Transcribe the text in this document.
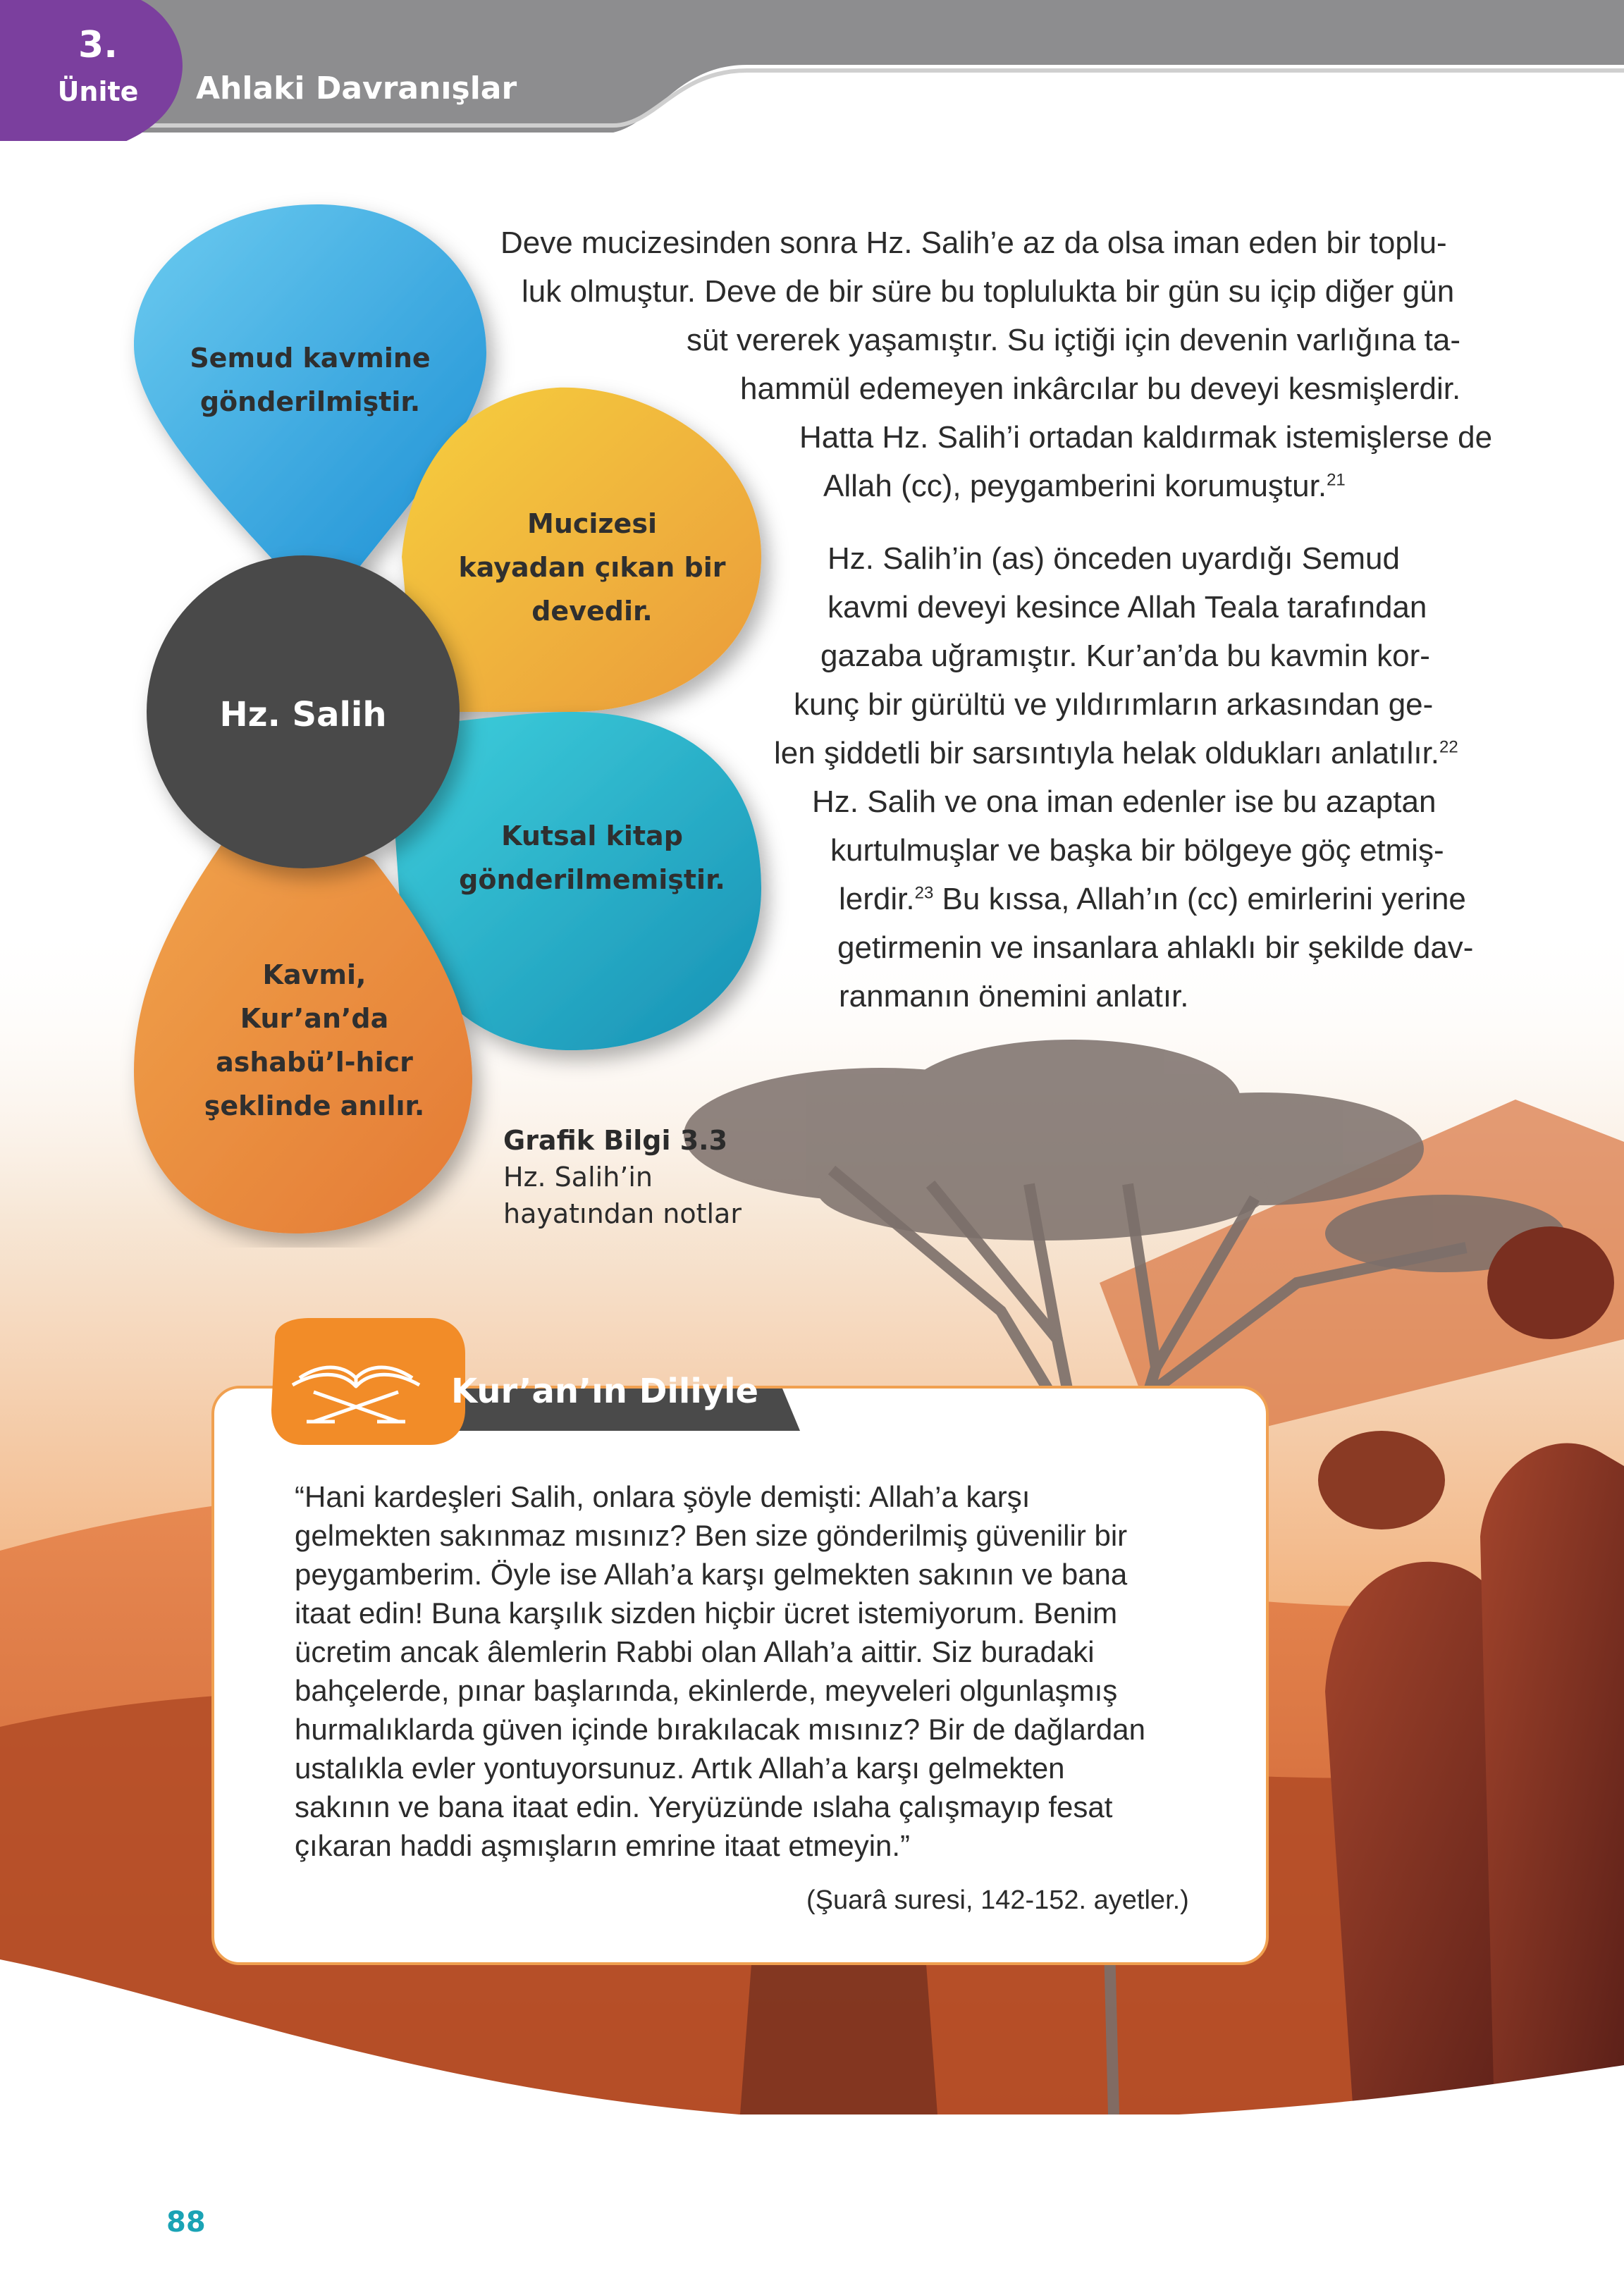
3.
Ünite	Ahlaki Davranışlar
Semud kavmine
gönderilmiştir.
Mucizesi
kayadan çıkan bir
devedir.
Hz. Salih
Kutsal kitap
gönderilmemiştir.
Kavmi,
Kur’an’da
ashabü’l-hicr
şeklinde anılır.
Grafik Bilgi 3.3
Hz. Salih’in
hayatından notlar
Deve mucizesinden sonra Hz. Salih’e az da olsa iman eden bir toplu-
luk olmuştur. Deve de bir süre bu toplulukta bir gün su içip diğer gün
süt vererek yaşamıştır. Su içtiği için devenin varlığına ta-
hammül edemeyen inkârcılar bu deveyi kesmişlerdir.
Hatta Hz. Salih’i ortadan kaldırmak istemişlerse de
Allah (cc), peygamberini korumuştur.$^{21}$
Hz. Salih’in (as) önceden uyardığı Semud
kavmi deveyi kesince Allah Teala tarafından
gazaba uğramıştır. Kur’an’da bu kavmin kor-
kunç bir gürültü ve yıldırımların arkasından ge-
len şiddetli bir sarsıntıyla helak oldukları anlatılır.$^{22}$
Hz. Salih ve ona iman edenler ise bu azaptan
kurtulmuşlar ve başka bir bölgeye göç etmiş-
lerdir.$^{23}$ Bu kıssa, Allah’ın (cc) emirlerini yerine
getirmenin ve insanlara ahlaklı bir şekilde dav-
ranmanın önemini anlatır.
“Hani kardeşleri Salih, onlara şöyle demişti: Allah’a karşı
gelmekten sakınmaz mısınız? Ben size gönderilmiş güvenilir bir
peygamberim. Öyle ise Allah’a karşı gelmekten sakının ve bana
itaat edin! Buna karşılık sizden hiçbir ücret istemiyorum. Benim
ücretim ancak âlemlerin Rabbi olan Allah’a aittir. Siz buradaki
bahçelerde, pınar başlarında, ekinlerde, meyveleri olgunlaşmış
hurmalıklarda güven içinde bırakılacak mısınız? Bir de dağlardan
ustalıkla evler yontuyorsunuz. Artık Allah’a karşı gelmekten
sakının ve bana itaat edin. Yeryüzünde ıslaha çalışmayıp fesat
çıkaran haddi aşmışların emrine itaat etmeyin.”
(Şuarâ suresi, 142-152. ayetler.)
Kur’an’ın Diliyle
88
